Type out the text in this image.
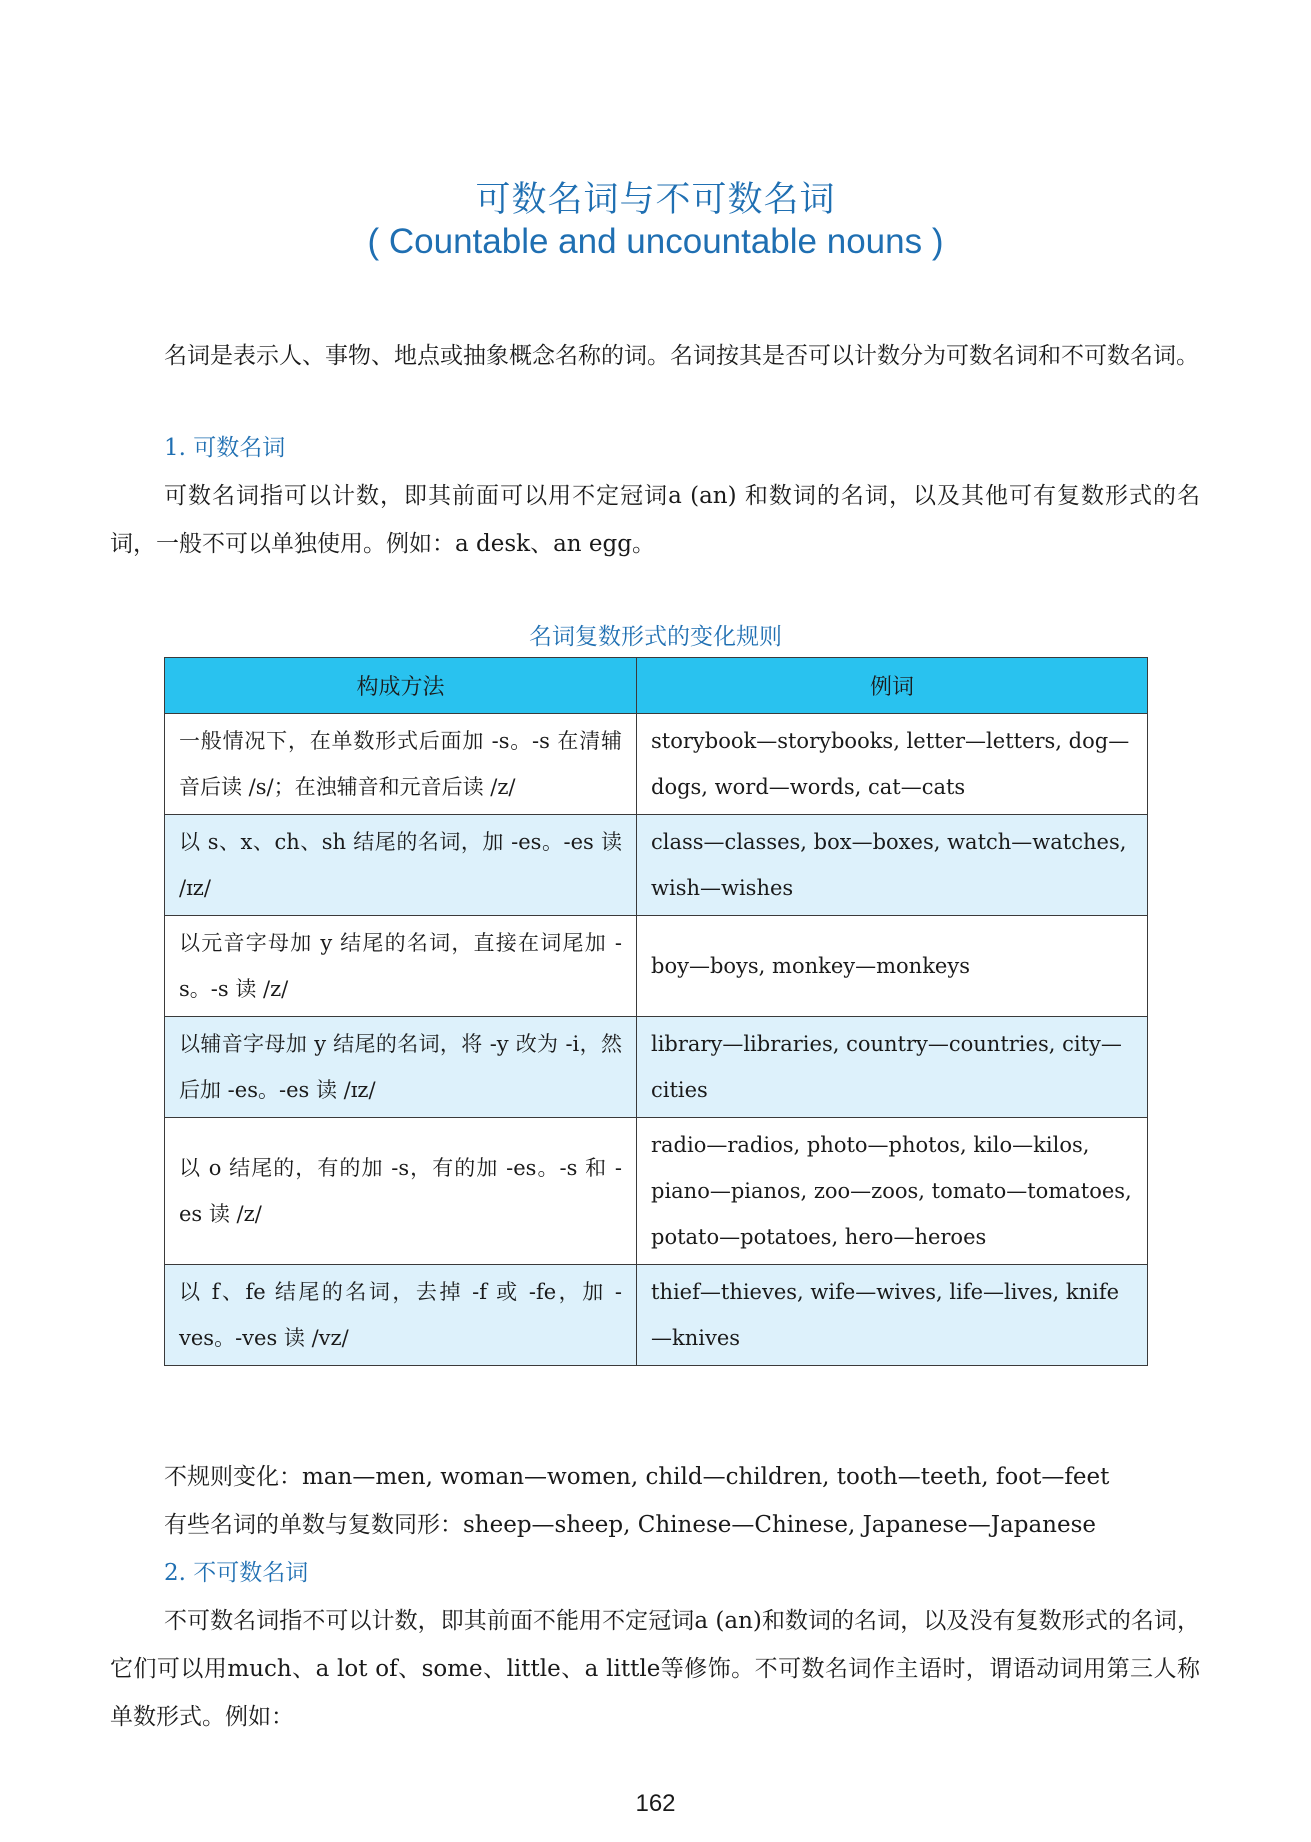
可数名词与不可数名词
( Countable and uncountable nouns )

名词是表示人、事物、地点或抽象概念名称的词。名词按其是否可以计数分为可数名词和不可数名词。

1. 可数名词

可数名词指可以计数，即其前面可以用不定冠词a (an) 和数词的名词，以及其他可有复数形式的名词，一般不可以单独使用。例如：a desk、an egg。

名词复数形式的变化规则
构成方法	例词
一般情况下，在单数形式后面加 -s。-s 在清辅音后读 /s/；在浊辅音和元音后读 /z/	storybook—storybooks, letter—letters, dog—dogs, word—words, cat—cats
以 s、x、ch、sh 结尾的名词，加 -es。-es 读 /ɪz/	class—classes, box—boxes, watch—watches, wish—wishes
以元音字母加 y 结尾的名词，直接在词尾加 -s。-s 读 /z/	boy—boys, monkey—monkeys
以辅音字母加 y 结尾的名词，将 -y 改为 -i，然后加 -es。-es 读 /ɪz/	library—libraries, country—countries, city—cities
以 o 结尾的，有的加 -s，有的加 -es。-s 和 -es 读 /z/	radio—radios, photo—photos, kilo—kilos, piano—pianos, zoo—zoos, tomato—tomatoes, potato—potatoes, hero—heroes
以 f、fe 结尾的名词，去掉 -f 或 -fe，加 -ves。-ves 读 /vz/	thief—thieves, wife—wives, life—lives, knife—knives

不规则变化：man—men, woman—women, child—children, tooth—teeth, foot—feet

有些名词的单数与复数同形：sheep—sheep, Chinese—Chinese, Japanese—Japanese

2. 不可数名词

不可数名词指不可以计数，即其前面不能用不定冠词a (an)和数词的名词，以及没有复数形式的名词，它们可以用much、a lot of、some、little、a little等修饰。不可数名词作主语时，谓语动词用第三人称单数形式。例如：

162
